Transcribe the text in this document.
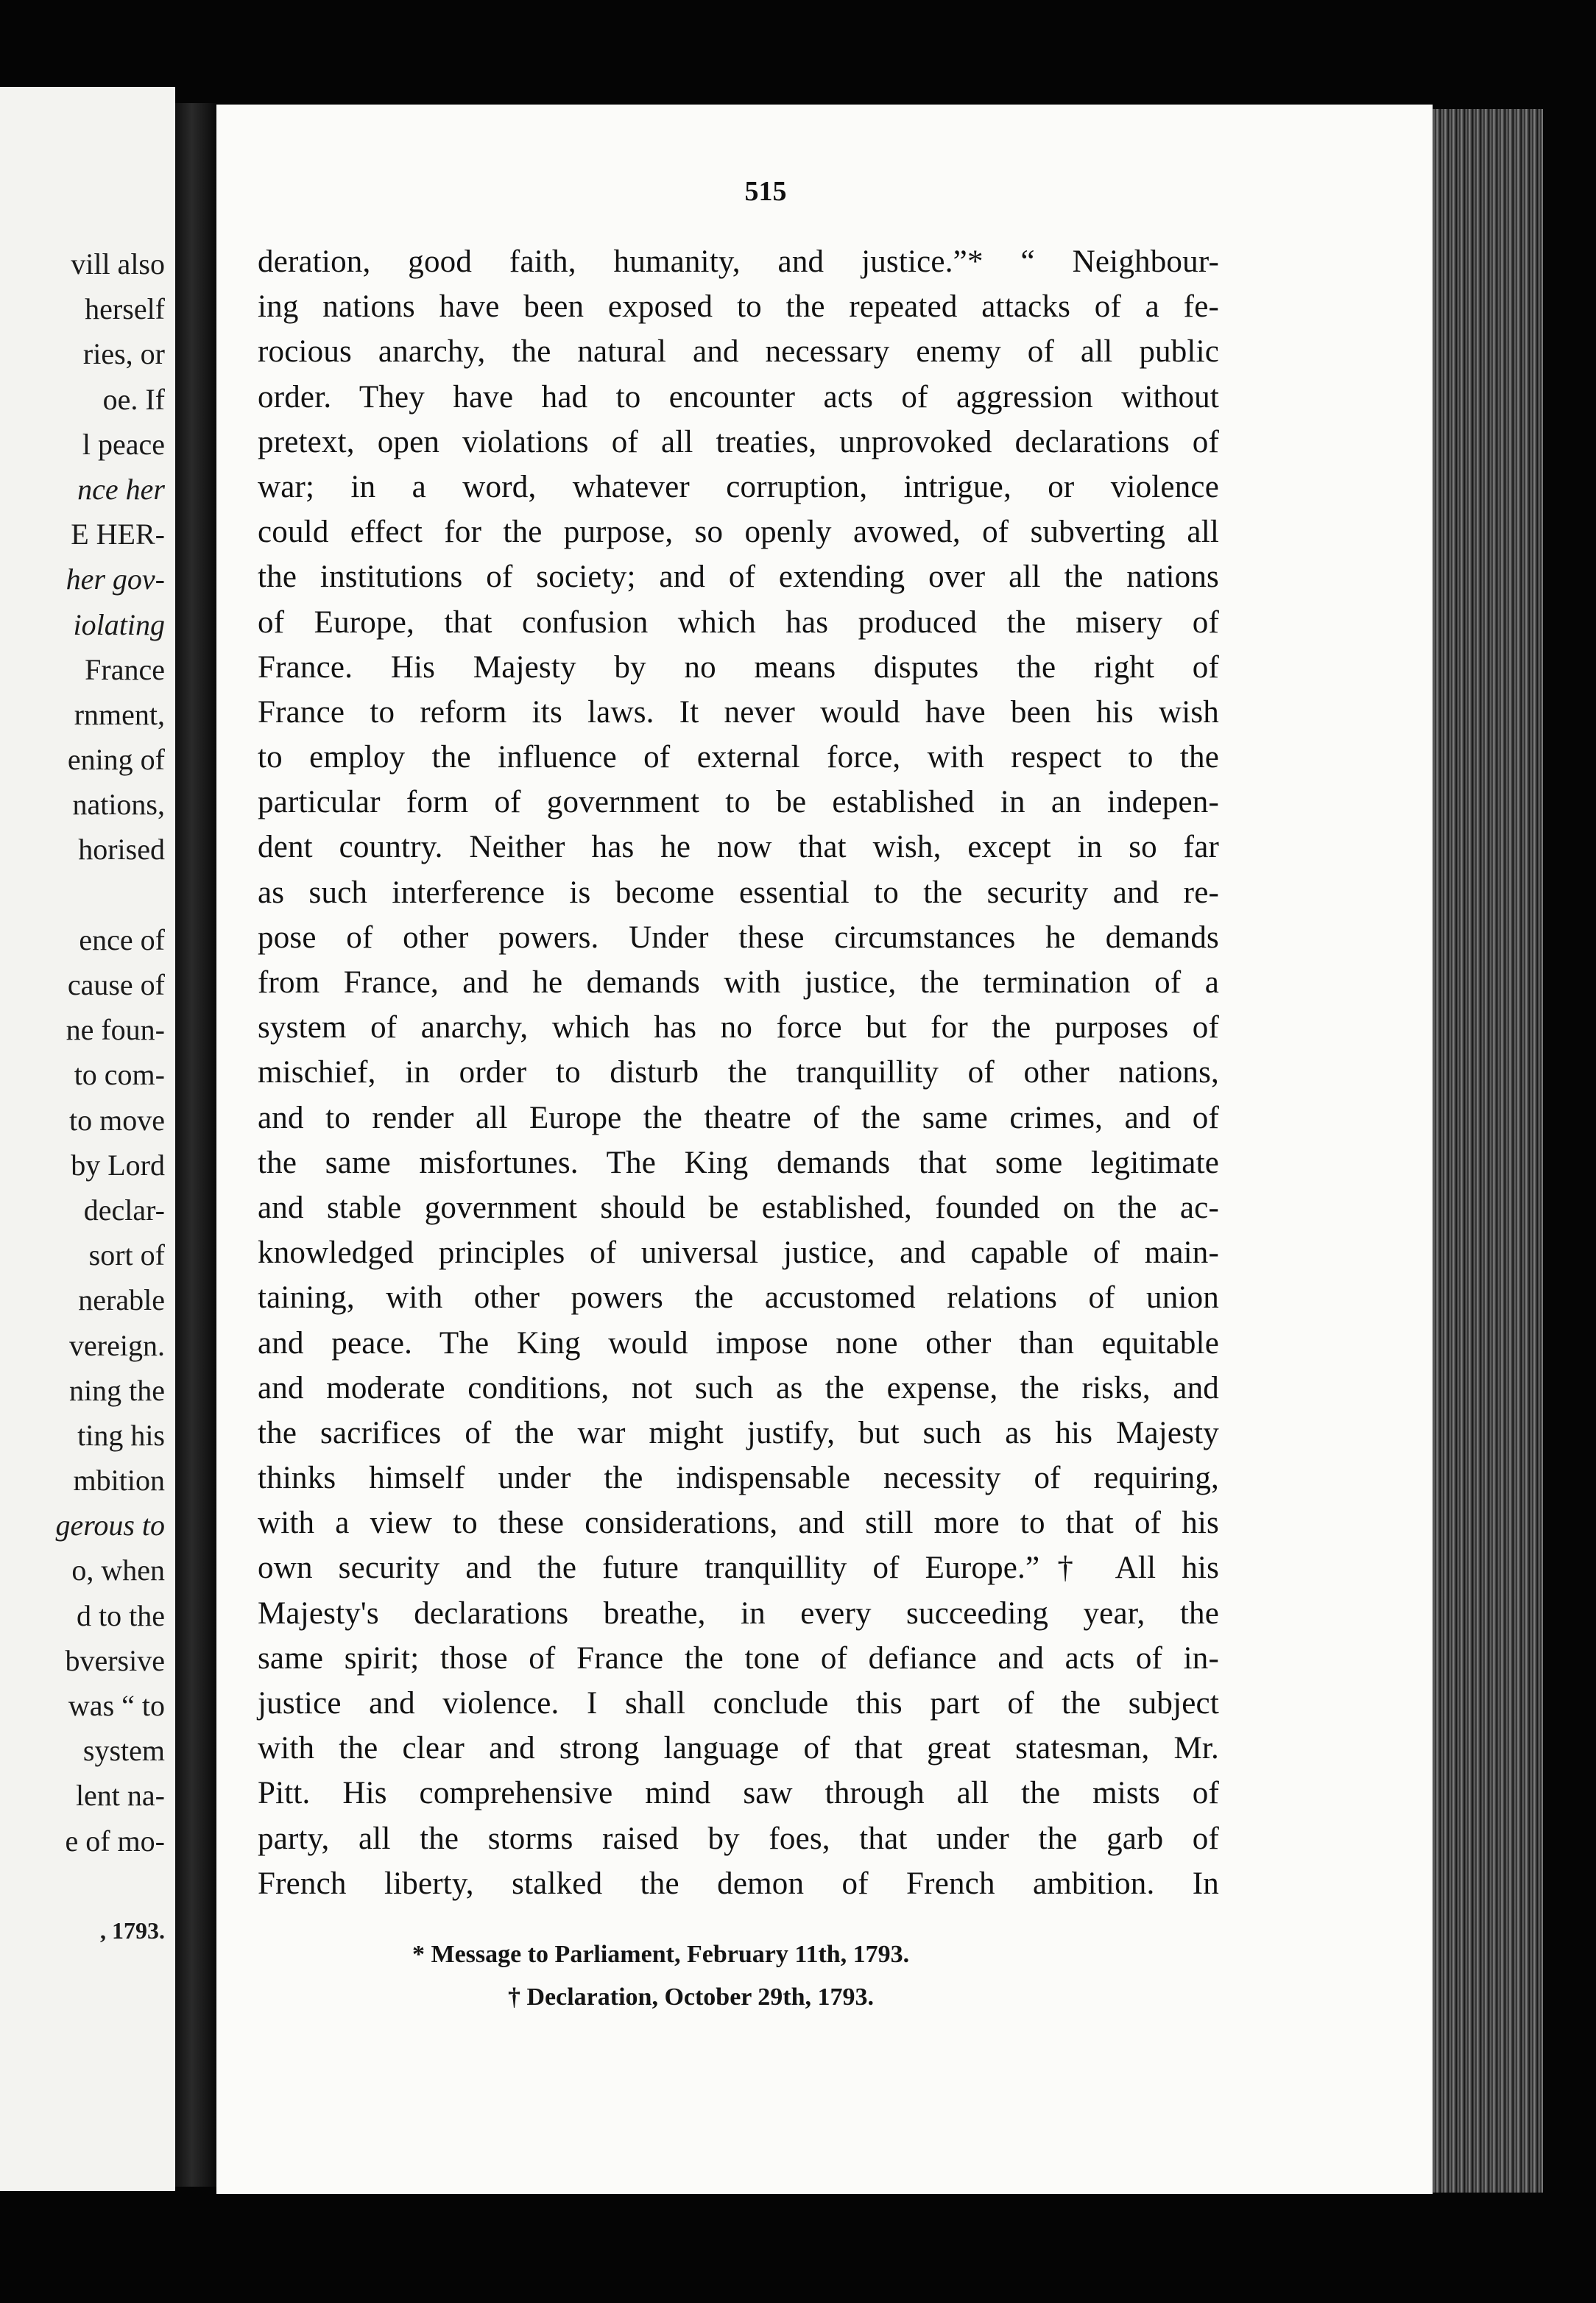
vill also
herself
ries, or
oe. If
l peace
nce her
E HER-
her gov-
iolating
France
rnment,
ening of
nations,
horised
ence of
cause of
ne foun-
to com-
to move
by Lord
declar-
sort of
nerable
vereign.
ning the
ting his
mbition
gerous to
o, when
d to the
bversive
was “ to
system
lent na-
e of mo-
, 1793.
515
deration, good faith, humanity, and justice.”* “ Neighbour-
ing nations have been exposed to the repeated attacks of a fe-
rocious anarchy, the natural and necessary enemy of all public
order. They have had to encounter acts of aggression without
pretext, open violations of all treaties, unprovoked declarations of
war; in a word, whatever corruption, intrigue, or violence
could effect for the purpose, so openly avowed, of subverting all
the institutions of society; and of extending over all the nations
of Europe, that confusion which has produced the misery of
France. His Majesty by no means disputes the right of
France to reform its laws. It never would have been his wish
to employ the influence of external force, with respect to the
particular form of government to be established in an indepen-
dent country. Neither has he now that wish, except in so far
as such interference is become essential to the security and re-
pose of other powers. Under these circumstances he demands
from France, and he demands with justice, the termination of a
system of anarchy, which has no force but for the purposes of
mischief, in order to disturb the tranquillity of other nations,
and to render all Europe the theatre of the same crimes, and of
the same misfortunes. The King demands that some legitimate
and stable government should be established, founded on the ac-
knowledged principles of universal justice, and capable of main-
taining, with other powers the accustomed relations of union
and peace. The King would impose none other than equitable
and moderate conditions, not such as the expense, the risks, and
the sacrifices of the war might justify, but such as his Majesty
thinks himself under the indispensable necessity of requiring,
with a view to these considerations, and still more to that of his
own security and the future tranquillity of Europe.”† All his
Majesty's declarations breathe, in every succeeding year, the
same spirit; those of France the tone of defiance and acts of in-
justice and violence. I shall conclude this part of the subject
with the clear and strong language of that great statesman, Mr.
Pitt. His comprehensive mind saw through all the mists of
party, all the storms raised by foes, that under the garb of
French liberty, stalked the demon of French ambition. In
* Message to Parliament, February 11th, 1793.
† Declaration, October 29th, 1793.
